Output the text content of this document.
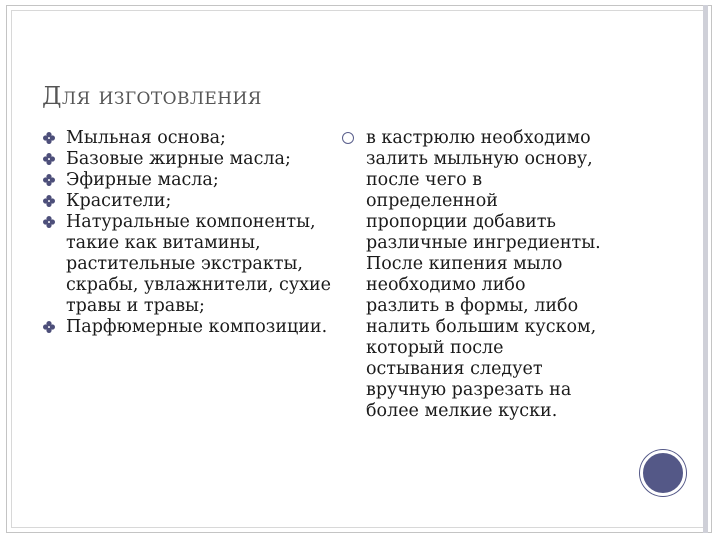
Для изготовления
Мыльная основа;
Базовые жирные масла;
Эфирные масла;
Красители;
Натуральные компоненты, такие как витамины, растительные экстракты, скрабы, увлажнители, сухие травы и травы;
Парфюмерные композиции.
в кастрюлю необходимо
залить мыльную основу,
после чего в
определенной
пропорции добавить
различные ингредиенты.
После кипения мыло
необходимо либо
разлить в формы, либо
налить большим куском,
который после
остывания следует
вручную разрезать на
более мелкие куски.
